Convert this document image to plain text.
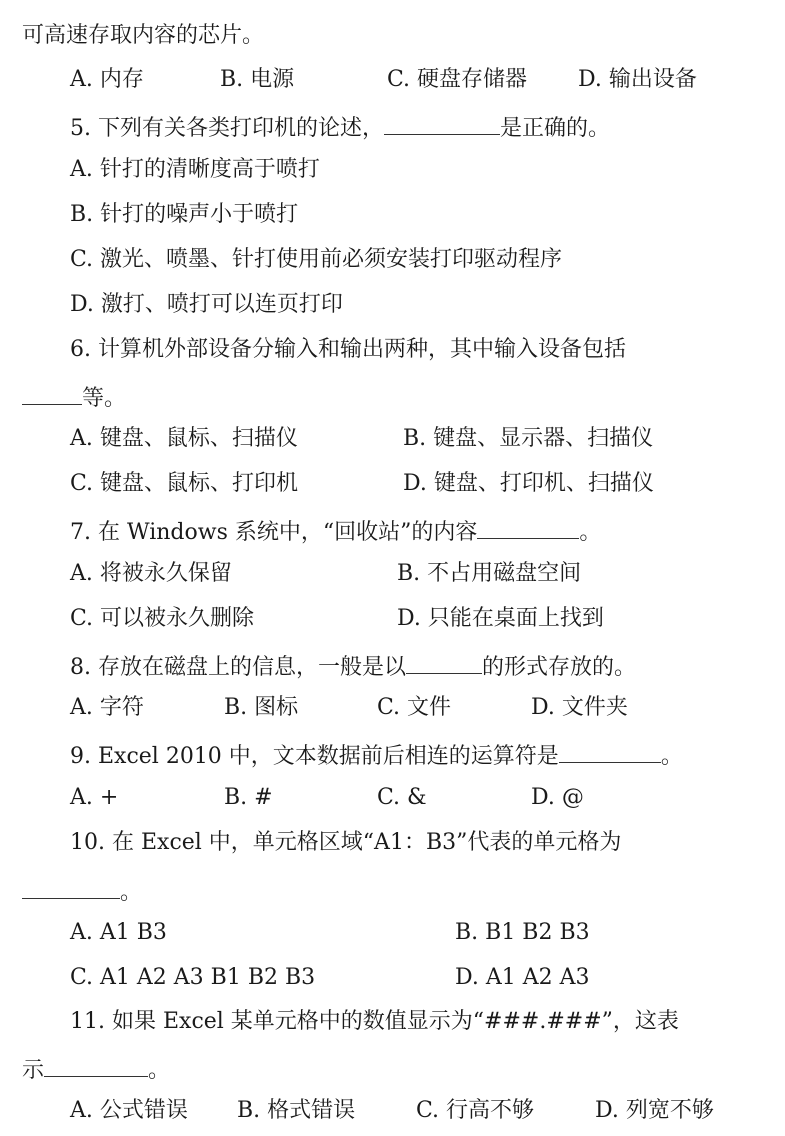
可高速存取内容的芯片。
A. 内存	B. 电源	C. 硬盘存储器 D. 输出设备
5. 下列有关各类打印机的论述，	是正确的。
A. 针打的清晰度高于喷打
B. 针打的噪声小于喷打
C. 激光、喷墨、针打使用前必须安装打印驱动程序
D. 激打、喷打可以连页打印
6. 计算机外部设备分输入和输出两种，其中输入设备包括
等。
A. 键盘、鼠标、扫描仪	B. 键盘、显示器、扫描仪
C. 键盘、鼠标、打印机	D. 键盘、打印机、扫描仪
7. 在 Windows 系统中，“回收站”的内容	。
A. 将被永久保留	B. 不占用磁盘空间
C. 可以被永久删除	D. 只能在桌面上找到
8. 存放在磁盘上的信息，一般是以	的形式存放的。
A. 字符	B. 图标	C. 文件	D. 文件夹
9. Excel 2010 中，文本数据前后相连的运算符是	。
A. +	B. #	C. &	D. @
10. 在 Excel 中，单元格区域“A1：B3”代表的单元格为
。
A. A1 B3	B. B1 B2 B3
C. A1 A2 A3 B1 B2 B3	D. A1 A2 A3
11. 如果 Excel 某单元格中的数值显示为“###.###”，这表
示	。
A. 公式错误 B. 格式错误	C. 行高不够	D. 列宽不够
